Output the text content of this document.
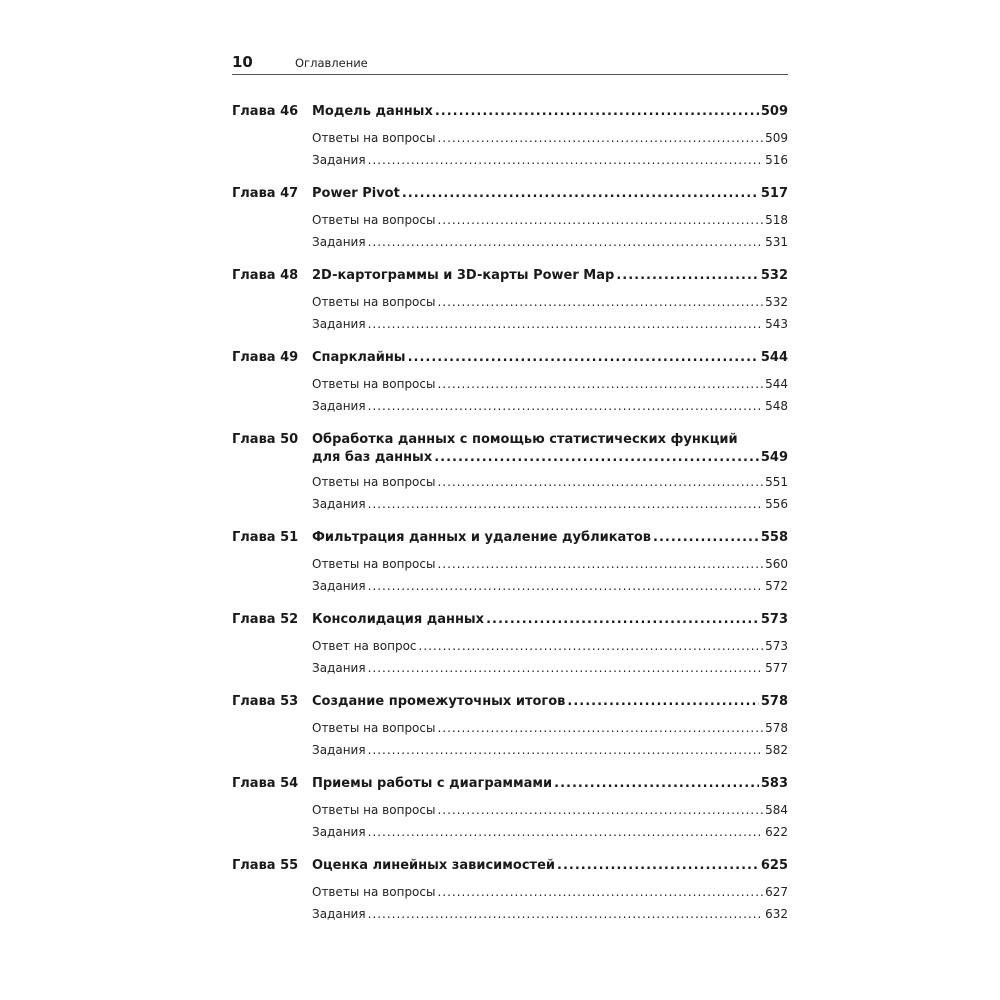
10	Оглавление
Глава 46 Модель данных .....	509
Ответы на вопросы .....	509
Задания .....	516
Глава 47 Power Pivot .....	517
Ответы на вопросы .....	518
Задания .....	531
Глава 48 2D-картограммы и 3D-карты Power Map .....	532
Ответы на вопросы .....	532
Задания .....	543
Глава 49 Спарклайны .....	544
Ответы на вопросы .....	544
Задания .....	548
Глава 50 Обработка данных с помощью статистических функций
для баз данных .....	549
Ответы на вопросы .....	551
Задания .....	556
Глава 51 Фильтрация данных и удаление дубликатов .....	558
Ответы на вопросы .....	560
Задания .....	572
Глава 52 Консолидация данных .....	573
Ответ на вопрос .....	573
Задания .....	577
Глава 53 Создание промежуточных итогов .....	578
Ответы на вопросы .....	578
Задания .....	582
Глава 54 Приемы работы с диаграммами .....	583
Ответы на вопросы .....	584
Задания .....	622
Глава 55 Оценка линейных зависимостей .....	625
Ответы на вопросы .....	627
Задания .....	632
